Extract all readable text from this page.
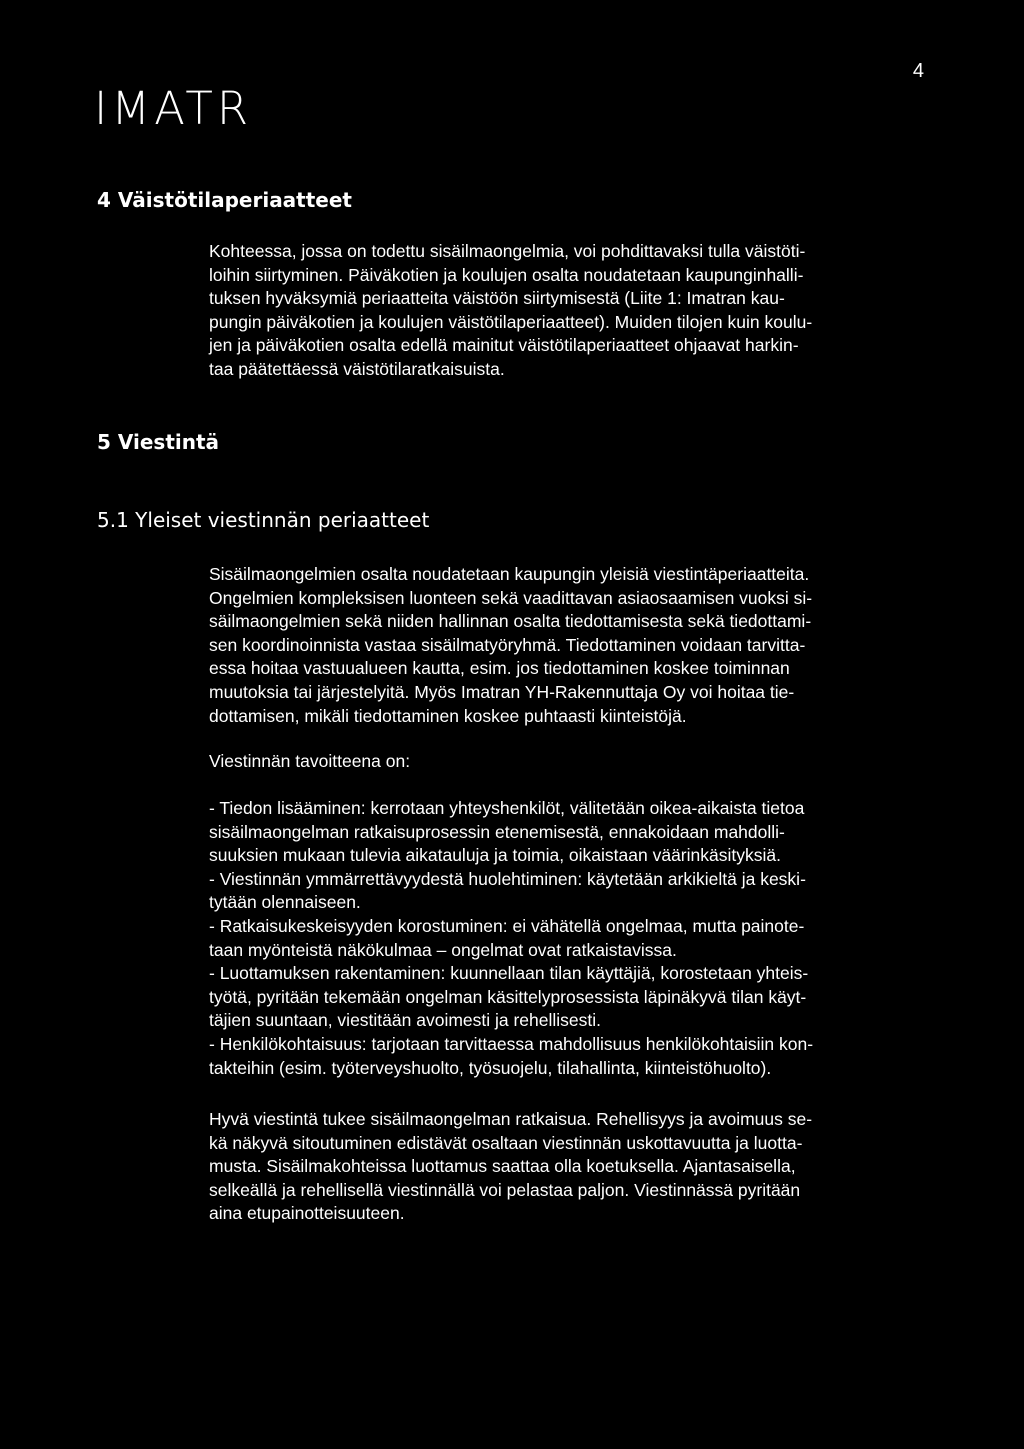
IMATR
4
4 Väistötilaperiaatteet
Kohteessa, jossa on todettu sisäilmaongelmia, voi pohdittavaksi tulla väistöti-
loihin siirtyminen. Päiväkotien ja koulujen osalta noudatetaan kaupunginhalli-
tuksen hyväksymiä periaatteita väistöön siirtymisestä (Liite 1: Imatran kau-
pungin päiväkotien ja koulujen väistötilaperiaatteet). Muiden tilojen kuin koulu-
jen ja päiväkotien osalta edellä mainitut väistötilaperiaatteet ohjaavat harkin-
taa päätettäessä väistötilaratkaisuista.
5 Viestintä
5.1 Yleiset viestinnän periaatteet
Sisäilmaongelmien osalta noudatetaan kaupungin yleisiä viestintäperiaatteita.
Ongelmien kompleksisen luonteen sekä vaadittavan asiaosaamisen vuoksi si-
säilmaongelmien sekä niiden hallinnan osalta tiedottamisesta sekä tiedottami-
sen koordinoinnista vastaa sisäilmatyöryhmä. Tiedottaminen voidaan tarvitta-
essa hoitaa vastuualueen kautta, esim. jos tiedottaminen koskee toiminnan
muutoksia tai järjestelyitä. Myös Imatran YH-Rakennuttaja Oy voi hoitaa tie-
dottamisen, mikäli tiedottaminen koskee puhtaasti kiinteistöjä.
Viestinnän tavoitteena on:
- Tiedon lisääminen: kerrotaan yhteyshenkilöt, välitetään oikea-aikaista tietoa
sisäilmaongelman ratkaisuprosessin etenemisestä, ennakoidaan mahdolli-
suuksien mukaan tulevia aikatauluja ja toimia, oikaistaan väärinkäsityksiä.
- Viestinnän ymmärrettävyydestä huolehtiminen: käytetään arkikieltä ja keski-
tytään olennaiseen.
- Ratkaisukeskeisyyden korostuminen: ei vähätellä ongelmaa, mutta painote-
taan myönteistä näkökulmaa – ongelmat ovat ratkaistavissa.
- Luottamuksen rakentaminen: kuunnellaan tilan käyttäjiä, korostetaan yhteis-
työtä, pyritään tekemään ongelman käsittelyprosessista läpinäkyvä tilan käyt-
täjien suuntaan, viestitään avoimesti ja rehellisesti.
- Henkilökohtaisuus: tarjotaan tarvittaessa mahdollisuus henkilökohtaisiin kon-
takteihin (esim. työterveyshuolto, työsuojelu, tilahallinta, kiinteistöhuolto).
Hyvä viestintä tukee sisäilmaongelman ratkaisua. Rehellisyys ja avoimuus se-
kä näkyvä sitoutuminen edistävät osaltaan viestinnän uskottavuutta ja luotta-
musta. Sisäilmakohteissa luottamus saattaa olla koetuksella. Ajantasaisella,
selkeällä ja rehellisellä viestinnällä voi pelastaa paljon. Viestinnässä pyritään
aina etupainotteisuuteen.
